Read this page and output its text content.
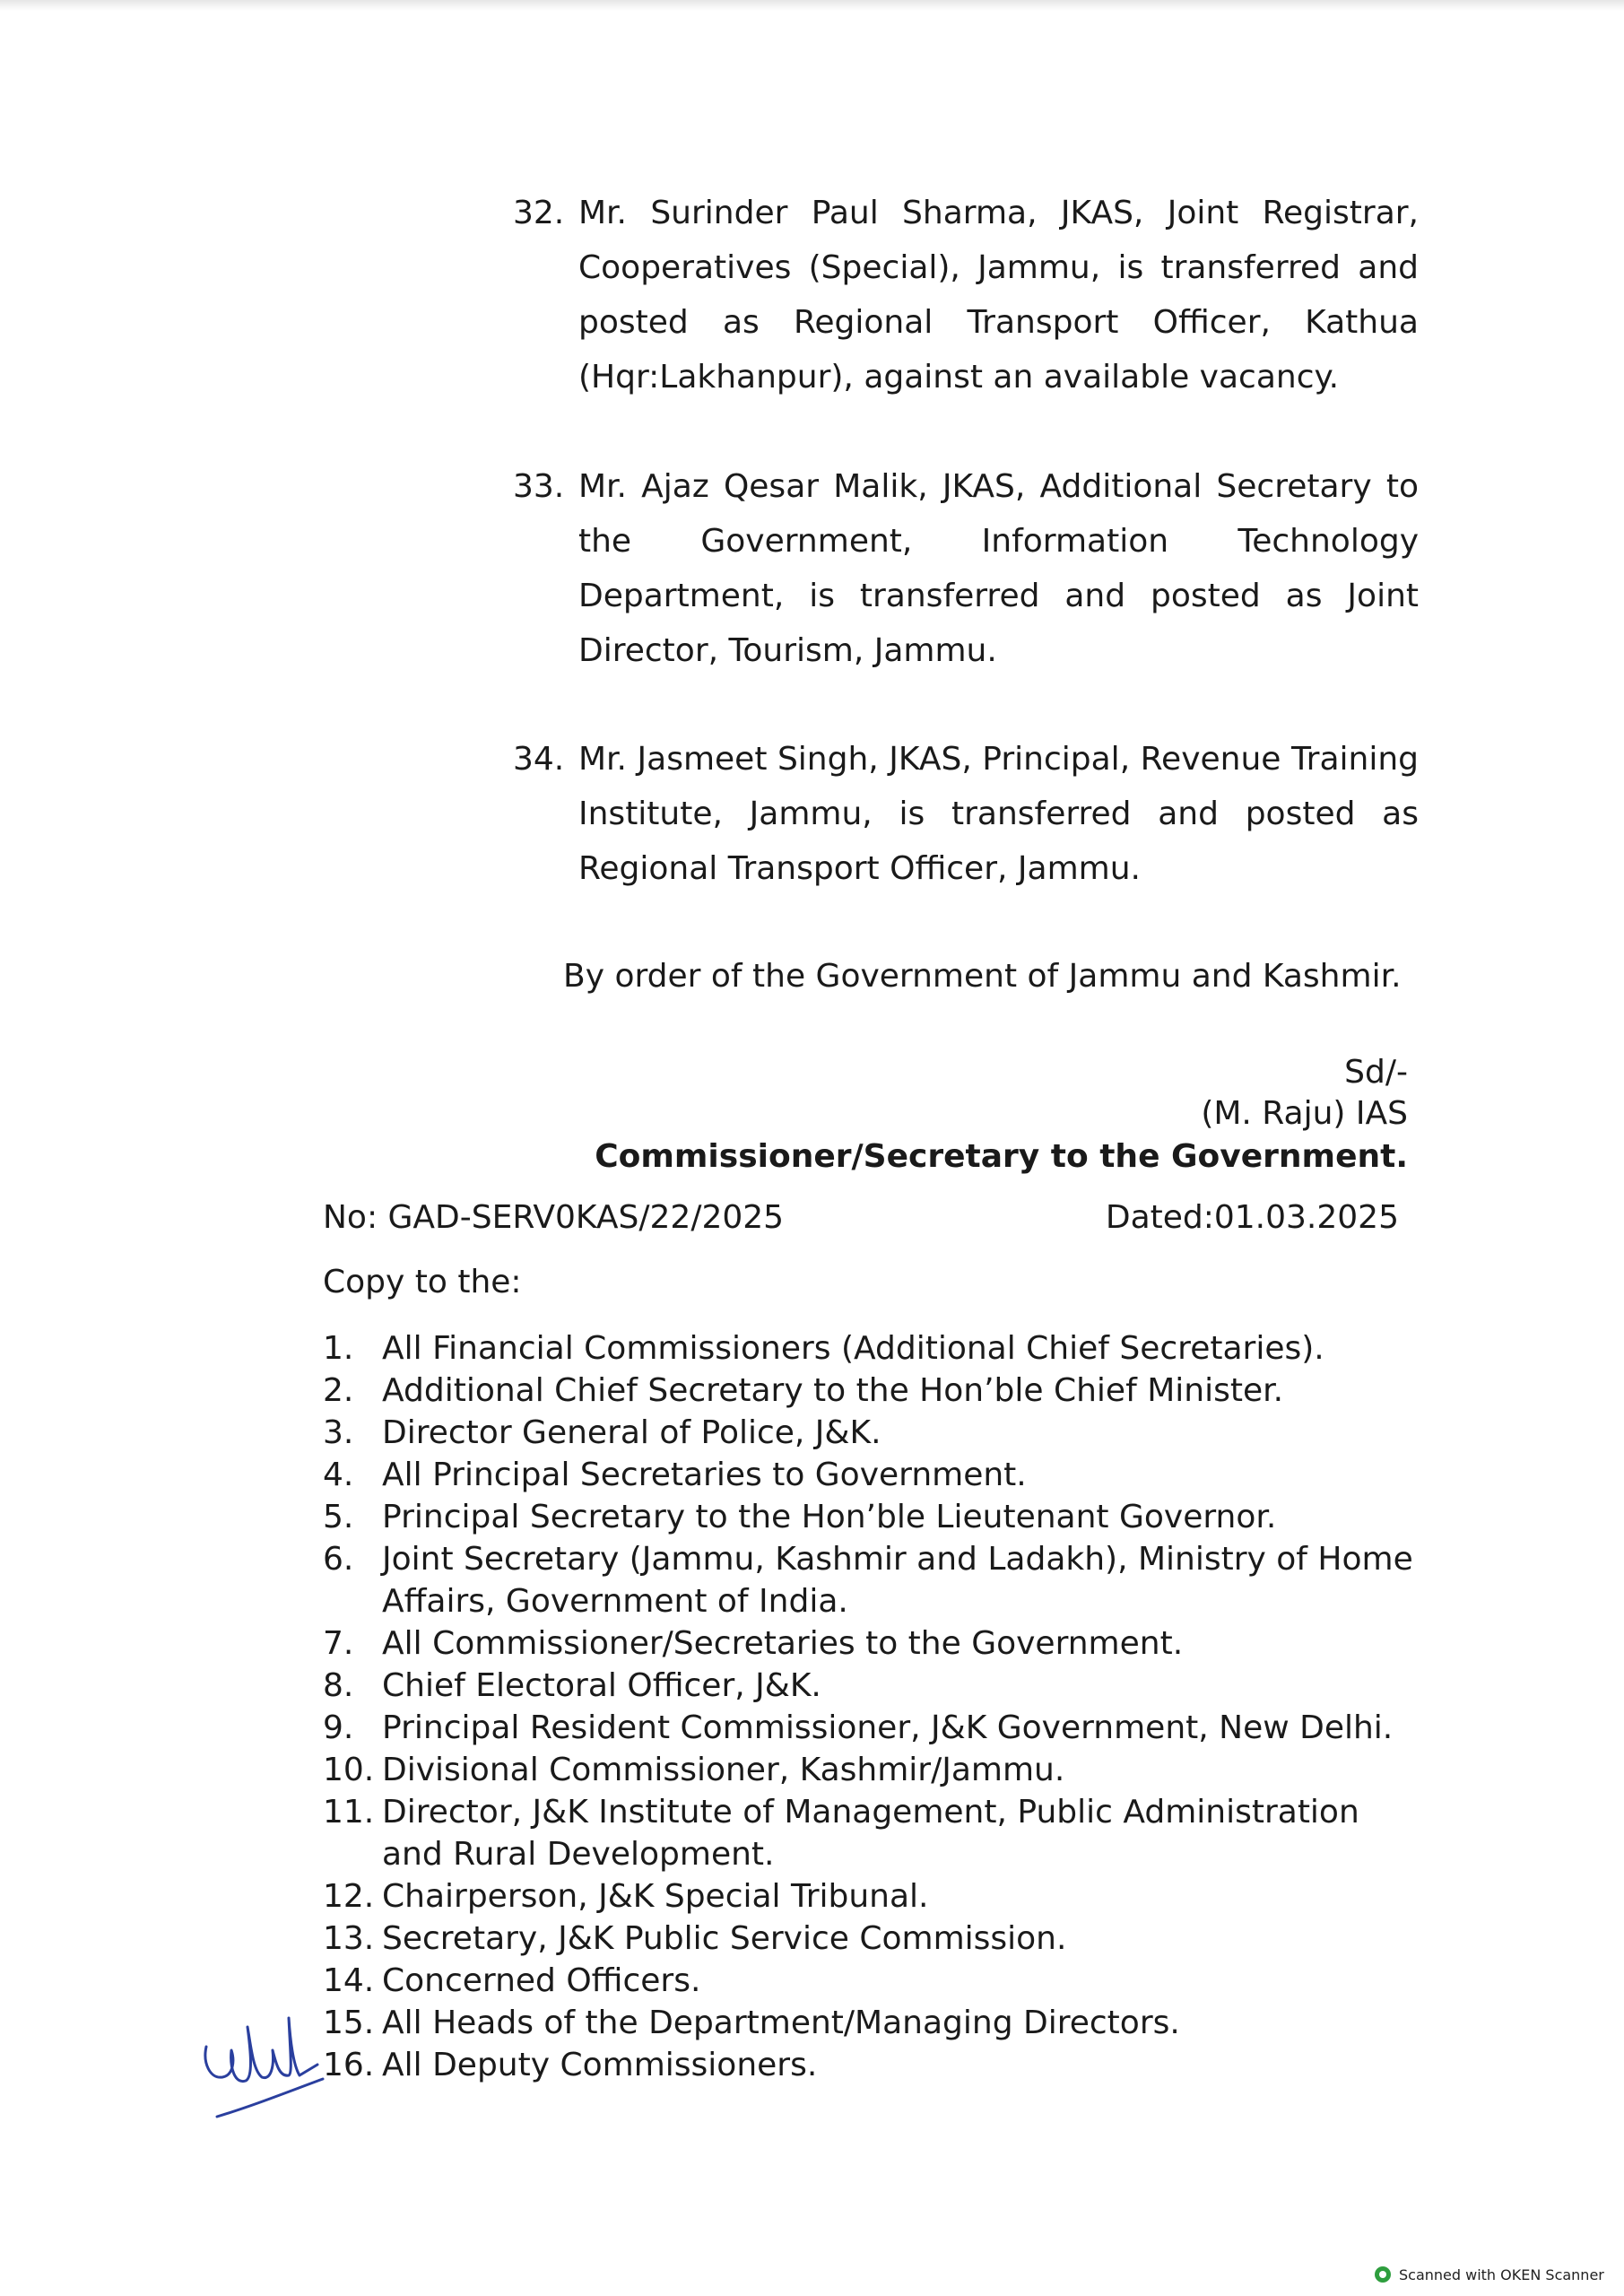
32. Mr. Surinder Paul Sharma, JKAS, Joint Registrar, Cooperatives (Special), Jammu, is transferred and posted as Regional Transport Officer, Kathua (Hqr:Lakhanpur), against an available vacancy.
33. Mr. Ajaz Qesar Malik, JKAS, Additional Secretary to the Government, Information Technology Department, is transferred and posted as Joint Director, Tourism, Jammu.
34. Mr. Jasmeet Singh, JKAS, Principal, Revenue Training Institute, Jammu, is transferred and posted as Regional Transport Officer, Jammu.
By order of the Government of Jammu and Kashmir.
Sd/-
(M. Raju) IAS
Commissioner/Secretary to the Government.
No: GAD-SERV0KAS/22/2025	Dated:01.03.2025
Copy to the:
1. All Financial Commissioners (Additional Chief Secretaries).
2. Additional Chief Secretary to the Hon’ble Chief Minister.
3. Director General of Police, J&K.
4. All Principal Secretaries to Government.
5. Principal Secretary to the Hon’ble Lieutenant Governor.
6. Joint Secretary (Jammu, Kashmir and Ladakh), Ministry of Home Affairs, Government of India.
7. All Commissioner/Secretaries to the Government.
8. Chief Electoral Officer, J&K.
9. Principal Resident Commissioner, J&K Government, New Delhi.
10. Divisional Commissioner, Kashmir/Jammu.
11. Director, J&K Institute of Management, Public Administration and Rural Development.
12. Chairperson, J&K Special Tribunal.
13. Secretary, J&K Public Service Commission.
14. Concerned Officers.
15. All Heads of the Department/Managing Directors.
16. All Deputy Commissioners.
Scanned with OKEN Scanner
